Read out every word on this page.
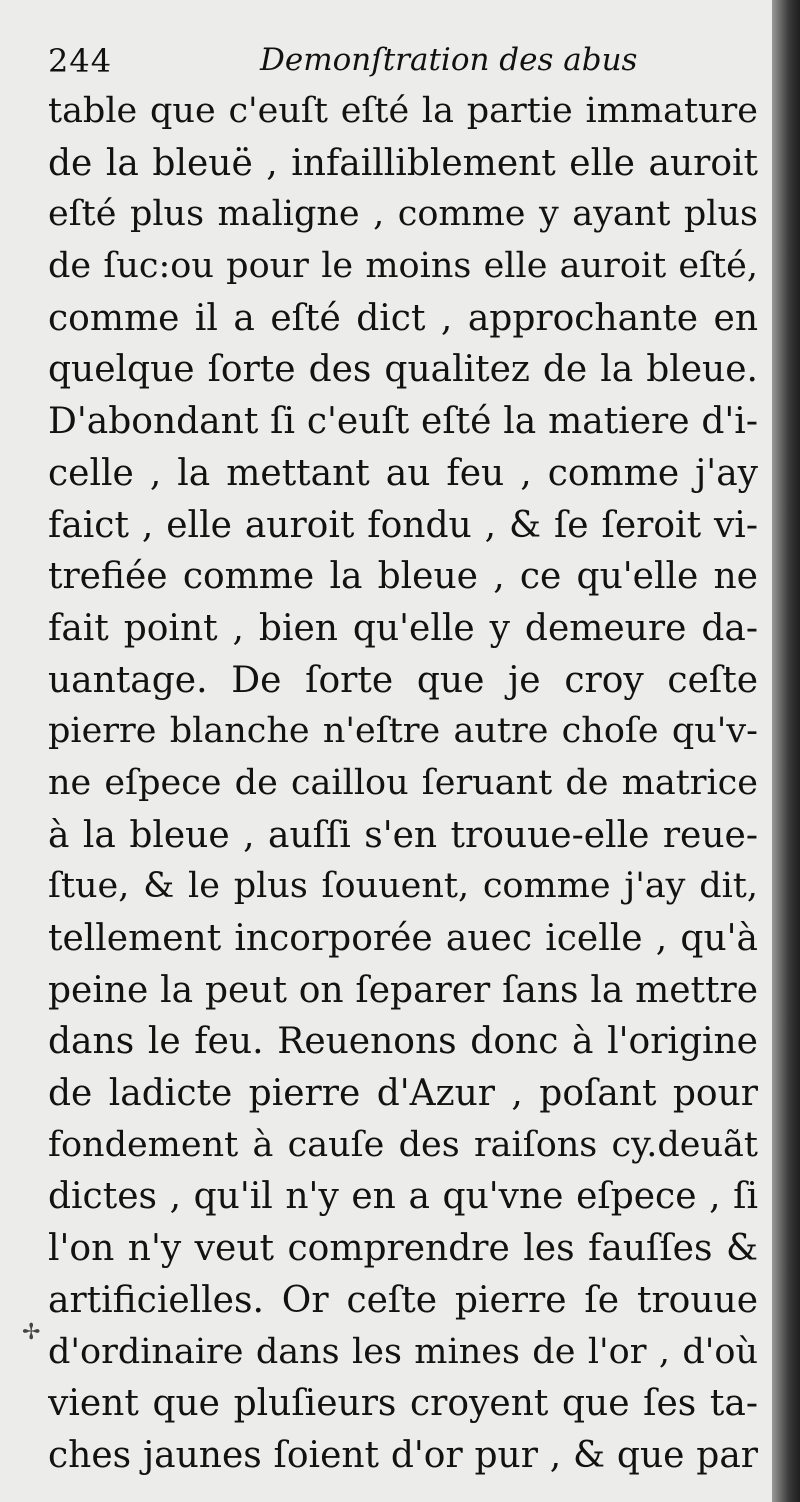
244	Demonſtration des abus
table que c'euſt eſté la partie immature
de la bleuë , infailliblement elle auroit
eſté plus maligne , comme y ayant plus
de ſuc:ou pour le moins elle auroit eſté,
comme il a eſté dict , approchante en
quelque ſorte des qualitez de la bleue.
D'abondant ſi c'euſt eſté la matiere d'i-
celle , la mettant au feu , comme j'ay
faict , elle auroit fondu , & ſe ſeroit vi-
trefiée comme la bleue , ce qu'elle ne
fait point , bien qu'elle y demeure da-
uantage. De ſorte que je croy ceſte
pierre blanche n'eſtre autre choſe qu'v-
ne eſpece de caillou ſeruant de matrice
à la bleue , auſſi s'en trouue-elle reue-
ſtue, & le plus ſouuent, comme j'ay dit,
tellement incorporée auec icelle , qu'à
peine la peut on ſeparer ſans la mettre
dans le feu. Reuenons donc à l'origine
de ladicte pierre d'Azur , poſant pour
fondement à cauſe des raiſons cy.deuãt
dictes , qu'il n'y en a qu'vne eſpece , ſi
l'on n'y veut comprendre les fauſſes &
artificielles. Or ceſte pierre ſe trouue
d'ordinaire dans les mines de l'or , d'où
vient que pluſieurs croyent que ſes ta-
ches jaunes ſoient d'or pur , & que par
✢
